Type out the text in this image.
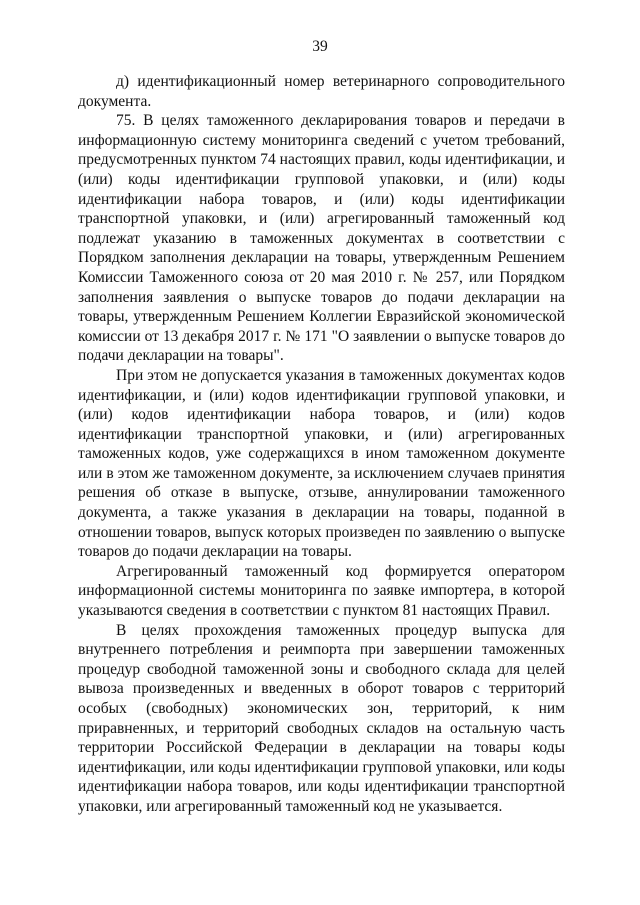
39

д) идентификационный номер ветеринарного сопроводительного документа.

75. В целях таможенного декларирования товаров и передачи в информационную систему мониторинга сведений с учетом требований, предусмотренных пунктом 74 настоящих правил, коды идентификации, и (или) коды идентификации групповой упаковки, и (или) коды идентификации набора товаров, и (или) коды идентификации транспортной упаковки, и (или) агрегированный таможенный код подлежат указанию в таможенных документах в соответствии с Порядком заполнения декларации на товары, утвержденным Решением Комиссии Таможенного союза от 20 мая 2010 г. № 257, или Порядком заполнения заявления о выпуске товаров до подачи декларации на товары, утвержденным Решением Коллегии Евразийской экономической комиссии от 13 декабря 2017 г. № 171 "О заявлении о выпуске товаров до подачи декларации на товары".

При этом не допускается указания в таможенных документах кодов идентификации, и (или) кодов идентификации групповой упаковки, и (или) кодов идентификации набора товаров, и (или) кодов идентификации транспортной упаковки, и (или) агрегированных таможенных кодов, уже содержащихся в ином таможенном документе или в этом же таможенном документе, за исключением случаев принятия решения об отказе в выпуске, отзыве, аннулировании таможенного документа, а также указания в декларации на товары, поданной в отношении товаров, выпуск которых произведен по заявлению о выпуске товаров до подачи декларации на товары.

Агрегированный таможенный код формируется оператором информационной системы мониторинга по заявке импортера, в которой указываются сведения в соответствии с пунктом 81 настоящих Правил.

В целях прохождения таможенных процедур выпуска для внутреннего потребления и реимпорта при завершении таможенных процедур свободной таможенной зоны и свободного склада для целей вывоза произведенных и введенных в оборот товаров с территорий особых (свободных) экономических зон, территорий, к ним приравненных, и территорий свободных складов на остальную часть территории Российской Федерации в декларации на товары коды идентификации, или коды идентификации групповой упаковки, или коды идентификации набора товаров, или коды идентификации транспортной упаковки, или агрегированный таможенный код не указывается.
